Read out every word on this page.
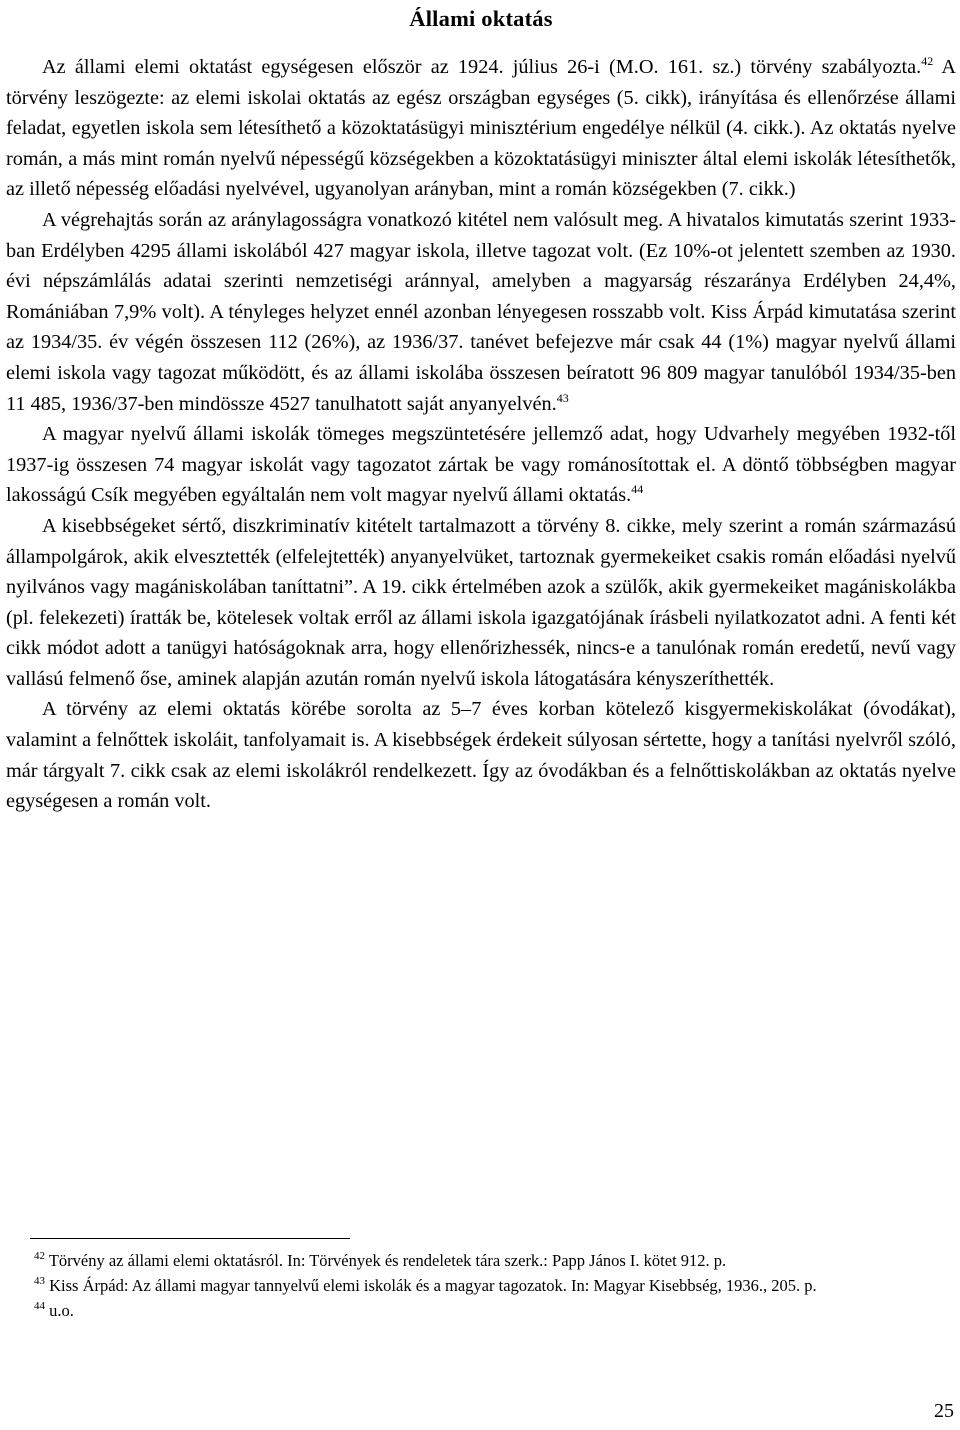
Állami oktatás

Az állami elemi oktatást egységesen először az 1924. július 26-i (M.O. 161. sz.) törvény szabályozta.$^{42}$ A törvény leszögezte: az elemi iskolai oktatás az egész országban egységes (5. cikk), irányítása és ellenőrzése állami feladat, egyetlen iskola sem létesíthető a közoktatásügyi minisztérium engedélye nélkül (4. cikk.). Az oktatás nyelve román, a más mint román nyelvű népességű községekben a közoktatásügyi miniszter által elemi iskolák létesíthetők, az illető népesség előadási nyelvével, ugyanolyan arányban, mint a román községekben (7. cikk.)

A végrehajtás során az aránylagosságra vonatkozó kitétel nem valósult meg. A hivatalos kimutatás szerint 1933-ban Erdélyben 4295 állami iskolából 427 magyar iskola, illetve tagozat volt. (Ez 10%-ot jelentett szemben az 1930. évi népszámlálás adatai szerinti nemzetiségi aránnyal, amelyben a magyarság részaránya Erdélyben 24,4%, Romániában 7,9% volt). A tényleges helyzet ennél azonban lényegesen rosszabb volt. Kiss Árpád kimutatása szerint az 1934/35. év végén összesen 112 (26%), az 1936/37. tanévet befejezve már csak 44 (1%) magyar nyelvű állami elemi iskola vagy tagozat működött, és az állami iskolába összesen beíratott 96 809 magyar tanulóból 1934/35-ben 11 485, 1936/37-ben mindössze 4527 tanulhatott saját anyanyelvén.$^{43}$

A magyar nyelvű állami iskolák tömeges megszüntetésére jellemző adat, hogy Udvarhely megyében 1932-től 1937-ig összesen 74 magyar iskolát vagy tagozatot zártak be vagy románosítottak el. A döntő többségben magyar lakosságú Csík megyében egyáltalán nem volt magyar nyelvű állami oktatás.$^{44}$

A kisebbségeket sértő, diszkriminatív kitételt tartalmazott a törvény 8. cikke, mely szerint a román származású állampolgárok, akik elvesztették (elfelejtették) anyanyelvüket, tartoznak gyermekeiket csakis román előadási nyelvű nyilvános vagy magániskolában taníttatni”. A 19. cikk értelmében azok a szülők, akik gyermekeiket magániskolákba (pl. felekezeti) íratták be, kötelesek voltak erről az állami iskola igazgatójának írásbeli nyilatkozatot adni. A fenti két cikk módot adott a tanügyi hatóságoknak arra, hogy ellenőrizhessék, nincs-e a tanulónak román eredetű, nevű vagy vallású felmenő őse, aminek alapján azután román nyelvű iskola látogatására kényszeríthették.

A törvény az elemi oktatás körébe sorolta az 5–7 éves korban kötelező kisgyermekiskolákat (óvodákat), valamint a felnőttek iskoláit, tanfolyamait is. A kisebbségek érdekeit súlyosan sértette, hogy a tanítási nyelvről szóló, már tárgyalt 7. cikk csak az elemi iskolákról rendelkezett. Így az óvodákban és a felnőttiskolákban az oktatás nyelve egységesen a román volt.

$^{42}$ Törvény az állami elemi oktatásról. In: Törvények és rendeletek tára szerk.: Papp János I. kötet 912. p.
$^{43}$ Kiss Árpád: Az állami magyar tannyelvű elemi iskolák és a magyar tagozatok. In: Magyar Kisebbség, 1936., 205. p.
$^{44}$ u.o.
25
